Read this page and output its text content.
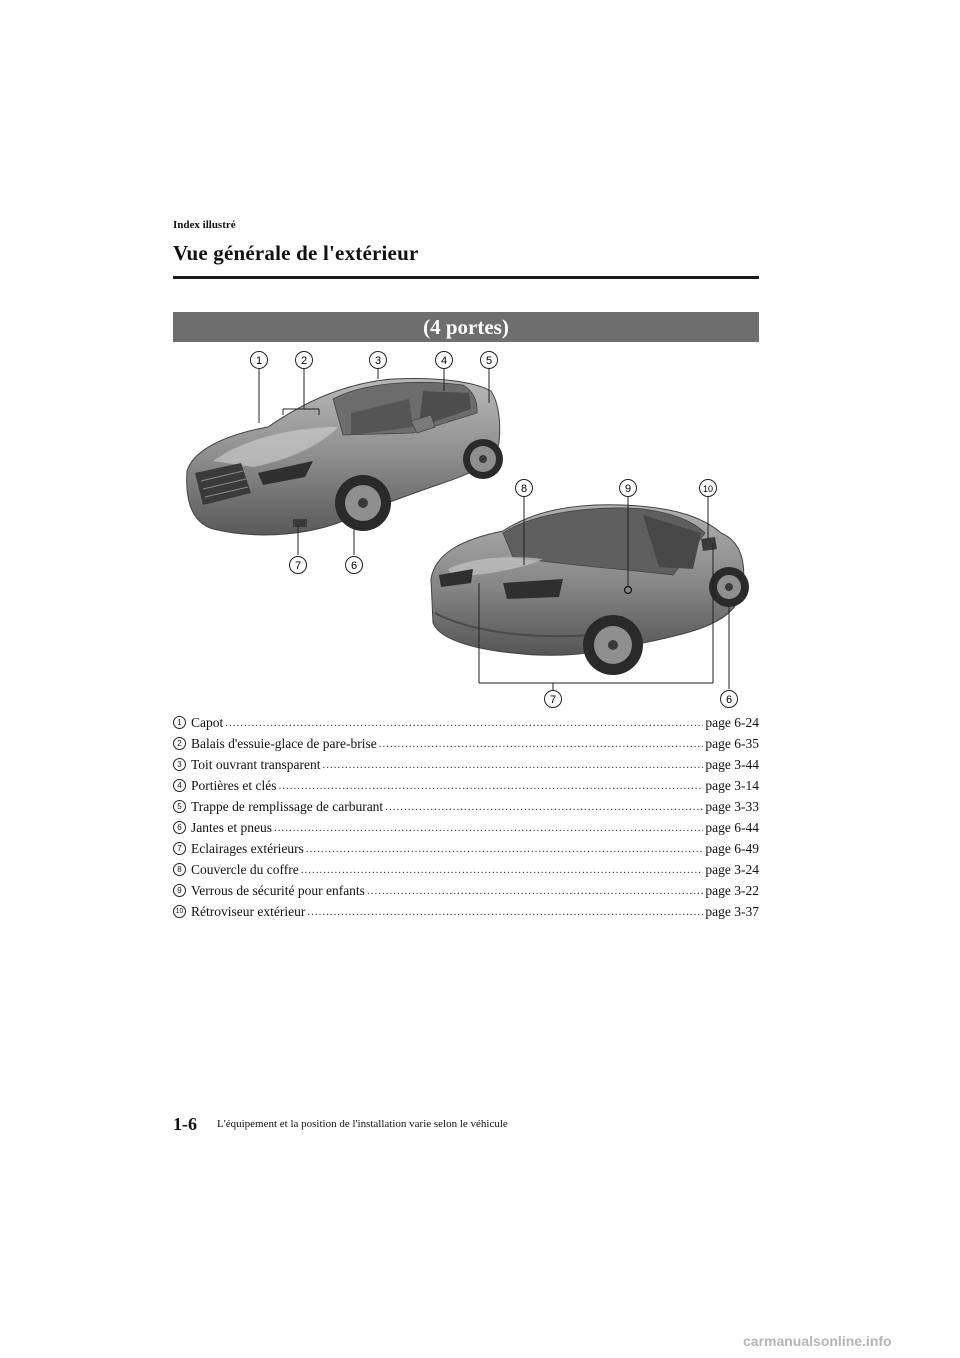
Index illustré
Vue générale de l'extérieur
(4 portes)
1	2	3	4	5
7	6
8	9	10
7	6
1 Capot .....	page 6-24
2 Balais d'essuie-glace de pare-brise .....	page 6-35
3 Toit ouvrant transparent .....	page 3-44
4 Portières et clés .....	page 3-14
5 Trappe de remplissage de carburant .....	page 3-33
6 Jantes et pneus .....	page 6-44
7 Eclairages extérieurs .....	page 6-49
8 Couvercle du coffre .....	page 3-24
9 Verrous de sécurité pour enfants .....	page 3-22
10 Rétroviseur extérieur .....	page 3-37
1-6 L'équipement et la position de l'installation varie selon le véhicule
carmanualsonline.info
